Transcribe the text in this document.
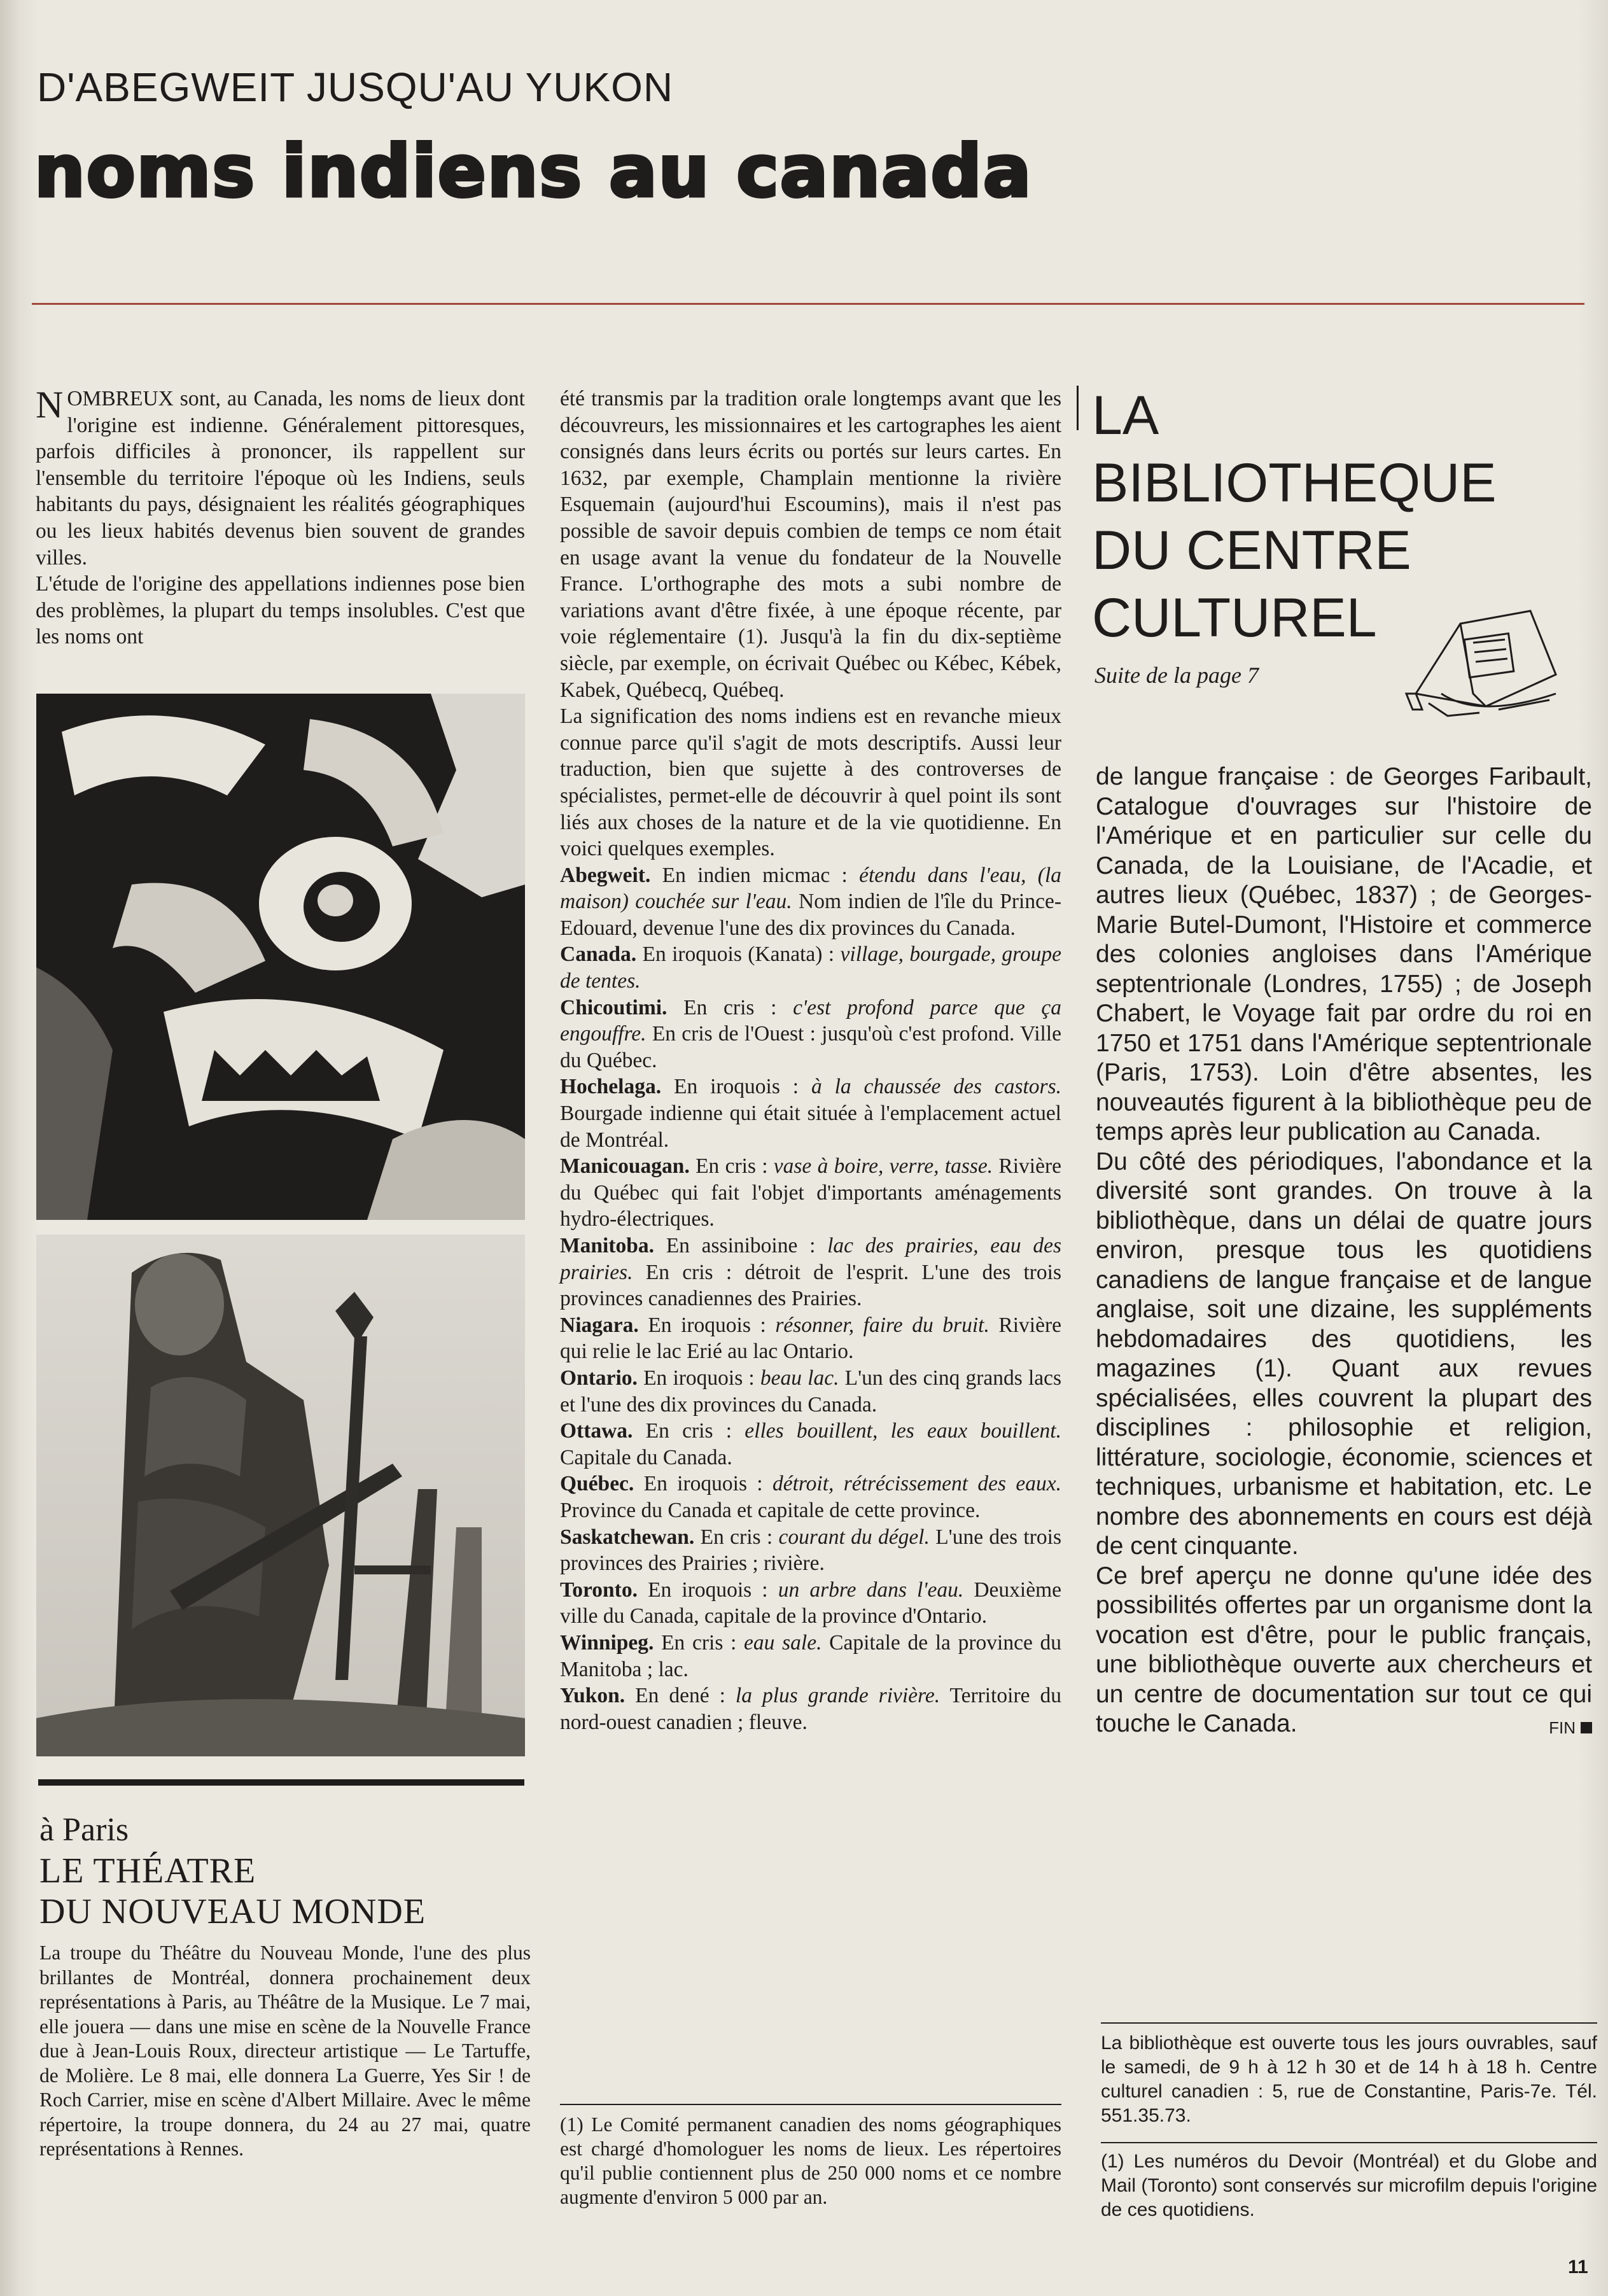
D'ABEGWEIT JUSQU'AU YUKON
noms indiens au canada

NOMBREUX sont, au Canada, les noms de lieux dont l'origine est indienne. Généralement pittoresques, parfois difficiles à prononcer, ils rappellent sur l'ensemble du territoire l'époque où les Indiens, seuls habitants du pays, désignaient les réalités géographiques ou les lieux habités devenus bien souvent de grandes villes.

L'étude de l'origine des appellations indiennes pose bien des problèmes, la plupart du temps insolubles. C'est que les noms ont

été transmis par la tradition orale longtemps avant que les découvreurs, les missionnaires et les cartographes les aient consignés dans leurs écrits ou portés sur leurs cartes. En 1632, par exemple, Champlain mentionne la rivière Esquemain (aujourd'hui Escoumins), mais il n'est pas possible de savoir depuis combien de temps ce nom était en usage avant la venue du fondateur de la Nouvelle France. L'orthographe des mots a subi nombre de variations avant d'être fixée, à une époque récente, par voie réglementaire (1). Jusqu'à la fin du dix-septième siècle, par exemple, on écrivait Québec ou Kébec, Kébek, Kabek, Québecq, Québeq.

La signification des noms indiens est en revanche mieux connue parce qu'il s'agit de mots descriptifs. Aussi leur traduction, bien que sujette à des controverses de spécialistes, permet-elle de découvrir à quel point ils sont liés aux choses de la nature et de la vie quotidienne. En voici quelques exemples.

Abegweit. En indien micmac : étendu dans l'eau, (la maison) couchée sur l'eau. Nom indien de l'île du Prince-Edouard, devenue l'une des dix provinces du Canada.

Canada. En iroquois (Kanata) : village, bourgade, groupe de tentes.

Chicoutimi. En cris : c'est profond parce que ça engouffre. En cris de l'Ouest : jusqu'où c'est profond. Ville du Québec.

Hochelaga. En iroquois : à la chaussée des castors. Bourgade indienne qui était située à l'emplacement actuel de Montréal.

Manicouagan. En cris : vase à boire, verre, tasse. Rivière du Québec qui fait l'objet d'importants aménagements hydro-électriques.

Manitoba. En assiniboine : lac des prairies, eau des prairies. En cris : détroit de l'esprit. L'une des trois provinces canadiennes des Prairies.

Niagara. En iroquois : résonner, faire du bruit. Rivière qui relie le lac Erié au lac Ontario.

Ontario. En iroquois : beau lac. L'un des cinq grands lacs et l'une des dix provinces du Canada.

Ottawa. En cris : elles bouillent, les eaux bouillent. Capitale du Canada.

Québec. En iroquois : détroit, rétrécissement des eaux. Province du Canada et capitale de cette province.

Saskatchewan. En cris : courant du dégel. L'une des trois provinces des Prairies ; rivière.

Toronto. En iroquois : un arbre dans l'eau. Deuxième ville du Canada, capitale de la province d'Ontario.

Winnipeg. En cris : eau sale. Capitale de la province du Manitoba ; lac.

Yukon. En dené : la plus grande rivière. Territoire du nord-ouest canadien ; fleuve.

(1) Le Comité permanent canadien des noms géographiques est chargé d'homologuer les noms de lieux. Les répertoires qu'il publie contiennent plus de 250 000 noms et ce nombre augmente d'environ 5 000 par an.
à Paris
LE THÉATRE
DU NOUVEAU MONDE
La troupe du Théâtre du Nouveau Monde, l'une des plus brillantes de Montréal, donnera prochainement deux représentations à Paris, au Théâtre de la Musique. Le 7 mai, elle jouera — dans une mise en scène de la Nouvelle France due à Jean-Louis Roux, directeur artistique — Le Tartuffe, de Molière. Le 8 mai, elle donnera La Guerre, Yes Sir ! de Roch Carrier, mise en scène d'Albert Millaire. Avec le même répertoire, la troupe donnera, du 24 au 27 mai, quatre représentations à Rennes.
LA
BIBLIOTHEQUE
DU CENTRE
CULTUREL
Suite de la page 7

de langue française : de Georges Faribault, Catalogue d'ouvrages sur l'histoire de l'Amérique et en particulier sur celle du Canada, de la Louisiane, de l'Acadie, et autres lieux (Québec, 1837) ; de Georges-Marie Butel-Dumont, l'Histoire et commerce des colonies angloises dans l'Amérique septentrionale (Londres, 1755) ; de Joseph Chabert, le Voyage fait par ordre du roi en 1750 et 1751 dans l'Amérique septentrionale (Paris, 1753). Loin d'être absentes, les nouveautés figurent à la bibliothèque peu de temps après leur publication au Canada.

Du côté des périodiques, l'abondance et la diversité sont grandes. On trouve à la bibliothèque, dans un délai de quatre jours environ, presque tous les quotidiens canadiens de langue française et de langue anglaise, soit une dizaine, les suppléments hebdomadaires des quotidiens, les magazines (1). Quant aux revues spécialisées, elles couvrent la plupart des disciplines : philosophie et religion, littérature, sociologie, économie, sciences et techniques, urbanisme et habitation, etc. Le nombre des abonnements en cours est déjà de cent cinquante.

Ce bref aperçu ne donne qu'une idée des possibilités offertes par un organisme dont la vocation est d'être, pour le public français, une bibliothèque ouverte aux chercheurs et un centre de documentation sur tout ce qui touche le Canada.	FIN

La bibliothèque est ouverte tous les jours ouvrables, sauf le samedi, de 9 h à 12 h 30 et de 14 h à 18 h. Centre culturel canadien : 5, rue de Constantine, Paris-7e. Tél. 551.35.73.
(1) Les numéros du Devoir (Montréal) et du Globe and Mail (Toronto) sont conservés sur microfilm depuis l'origine de ces quotidiens.
11
